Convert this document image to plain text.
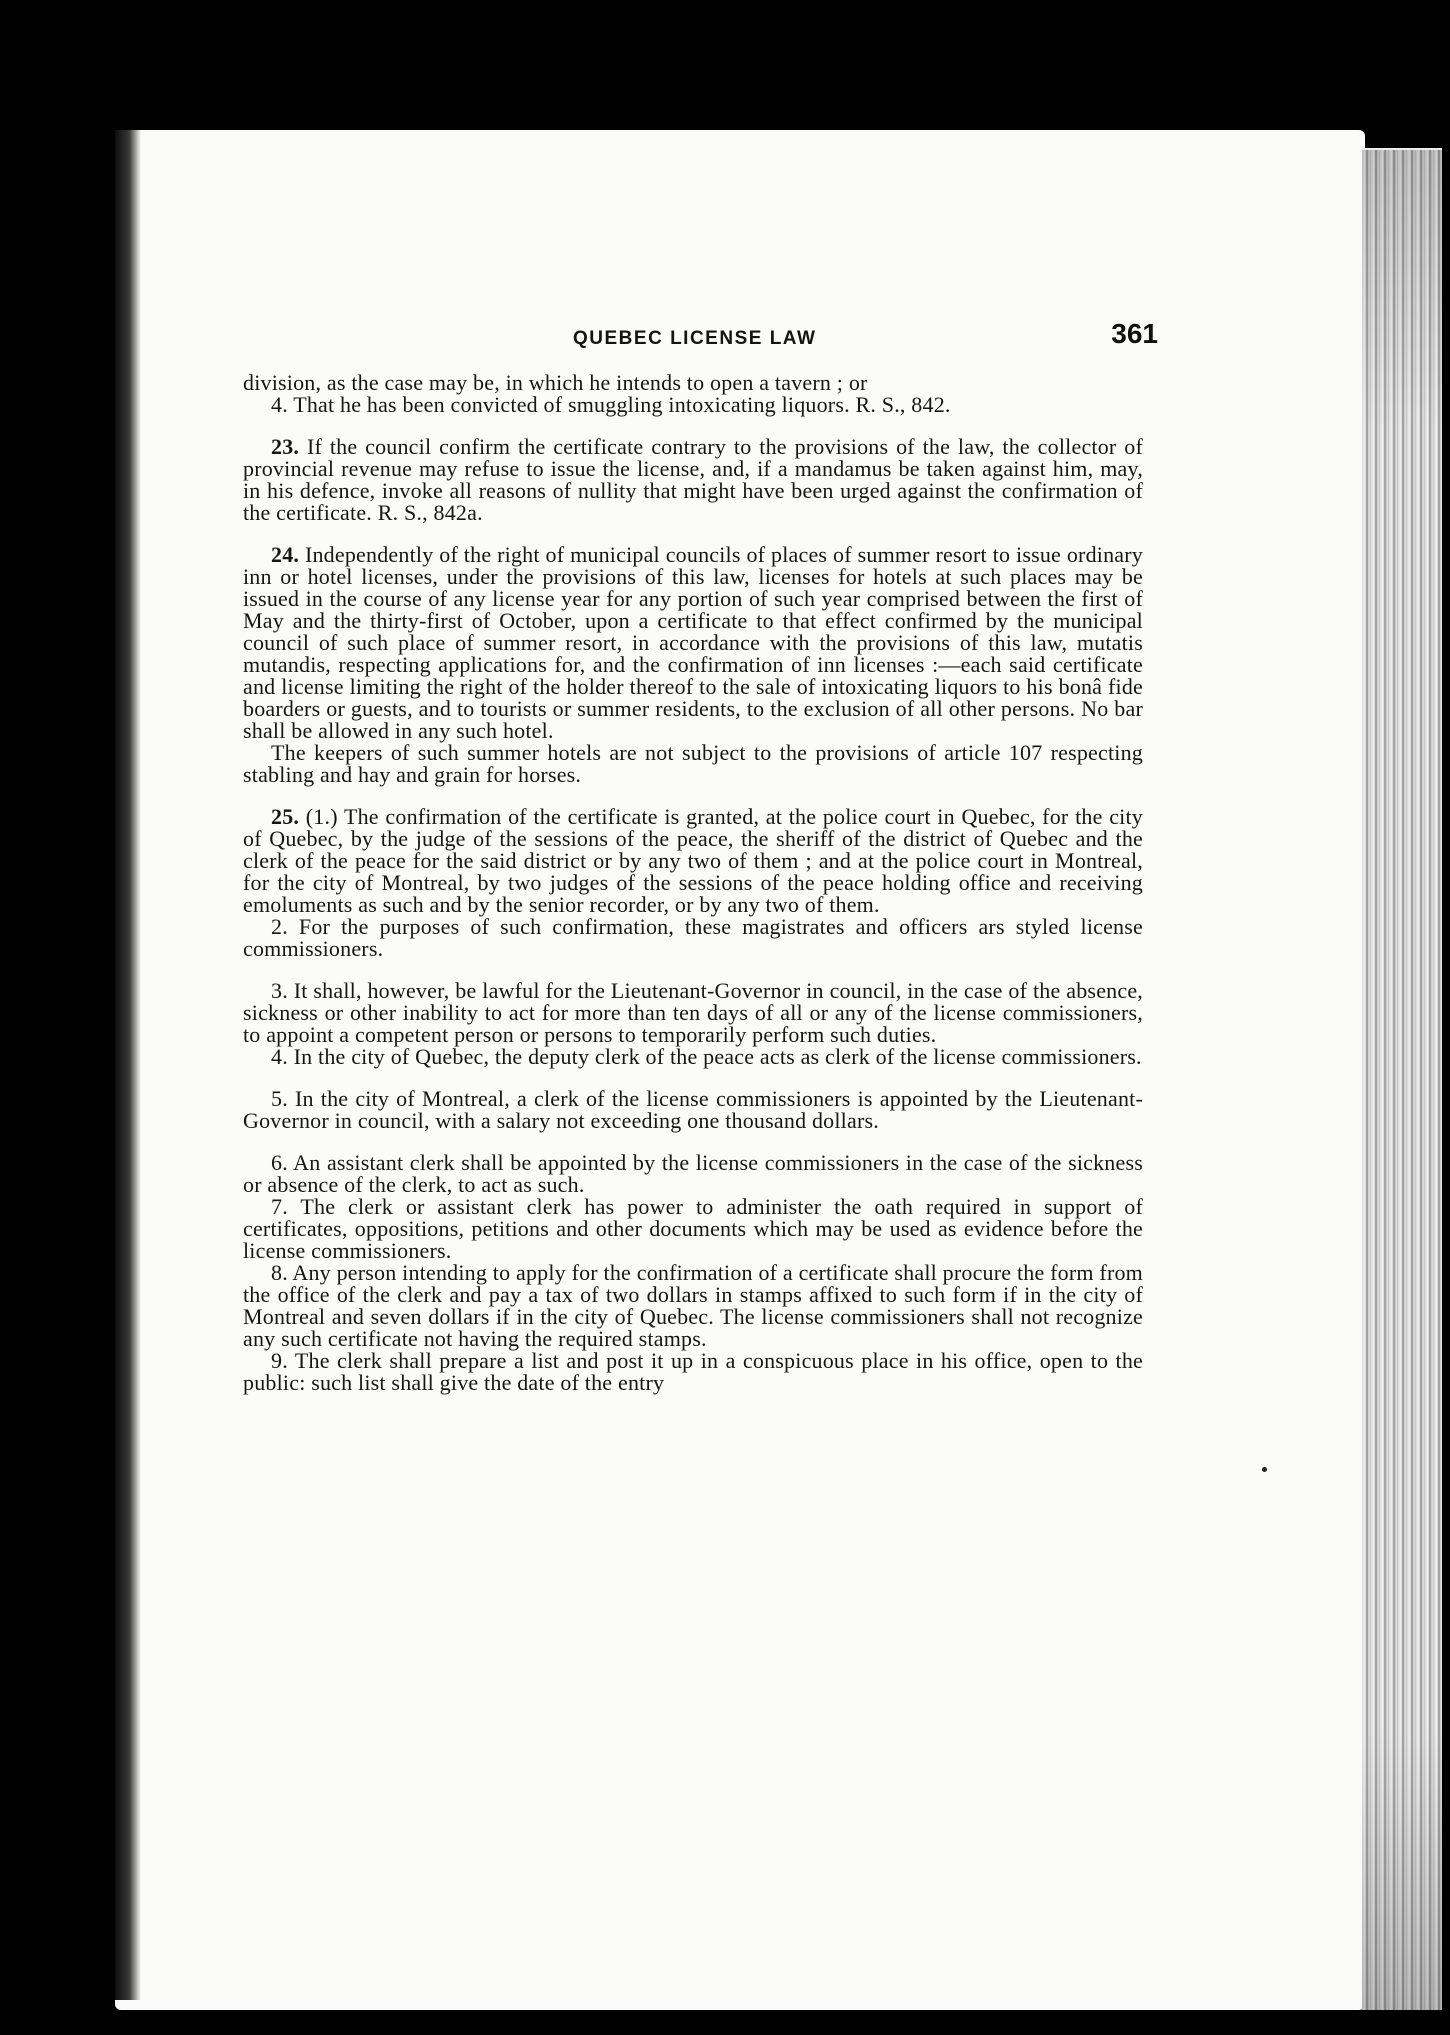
QUEBEC LICENSE LAW	361

division, as the case may be, in which he intends to open a tavern ; or

4. That he has been convicted of smuggling intoxicating liquors. R. S., 842.

23. If the council confirm the certificate contrary to the provisions of the law, the collector of provincial revenue may refuse to issue the license, and, if a mandamus be taken against him, may, in his defence, invoke all reasons of nullity that might have been urged against the confirmation of the certificate. R. S., 842a.

24. Independently of the right of municipal councils of places of summer resort to issue ordinary inn or hotel licenses, under the provisions of this law, licenses for hotels at such places may be issued in the course of any license year for any portion of such year comprised between the first of May and the thirty-first of October, upon a certificate to that effect confirmed by the municipal council of such place of summer resort, in accordance with the provisions of this law, mutatis mutandis, respecting applications for, and the confirmation of inn licenses :—each said certificate and license limiting the right of the holder thereof to the sale of intoxicating liquors to his bonâ fide boarders or guests, and to tourists or summer residents, to the exclusion of all other persons. No bar shall be allowed in any such hotel.

The keepers of such summer hotels are not subject to the provisions of article 107 respecting stabling and hay and grain for horses.

25. (1.) The confirmation of the certificate is granted, at the police court in Quebec, for the city of Quebec, by the judge of the sessions of the peace, the sheriff of the district of Quebec and the clerk of the peace for the said district or by any two of them ; and at the police court in Montreal, for the city of Montreal, by two judges of the sessions of the peace holding office and receiving emoluments as such and by the senior recorder, or by any two of them.

2. For the purposes of such confirmation, these magistrates and officers ars styled license commissioners.

3. It shall, however, be lawful for the Lieutenant-Governor in council, in the case of the absence, sickness or other inability to act for more than ten days of all or any of the license commissioners, to appoint a competent person or persons to temporarily perform such duties.

4. In the city of Quebec, the deputy clerk of the peace acts as clerk of the license commissioners.

5. In the city of Montreal, a clerk of the license commissioners is appointed by the Lieutenant-Governor in council, with a salary not exceeding one thousand dollars.

6. An assistant clerk shall be appointed by the license commissioners in the case of the sickness or absence of the clerk, to act as such.

7. The clerk or assistant clerk has power to administer the oath required in support of certificates, oppositions, petitions and other documents which may be used as evidence before the license commissioners.

8. Any person intending to apply for the confirmation of a certificate shall procure the form from the office of the clerk and pay a tax of two dollars in stamps affixed to such form if in the city of Montreal and seven dollars if in the city of Quebec. The license commissioners shall not recognize any such certificate not having the required stamps.

9. The clerk shall prepare a list and post it up in a conspicuous place in his office, open to the public: such list shall give the date of the entry
